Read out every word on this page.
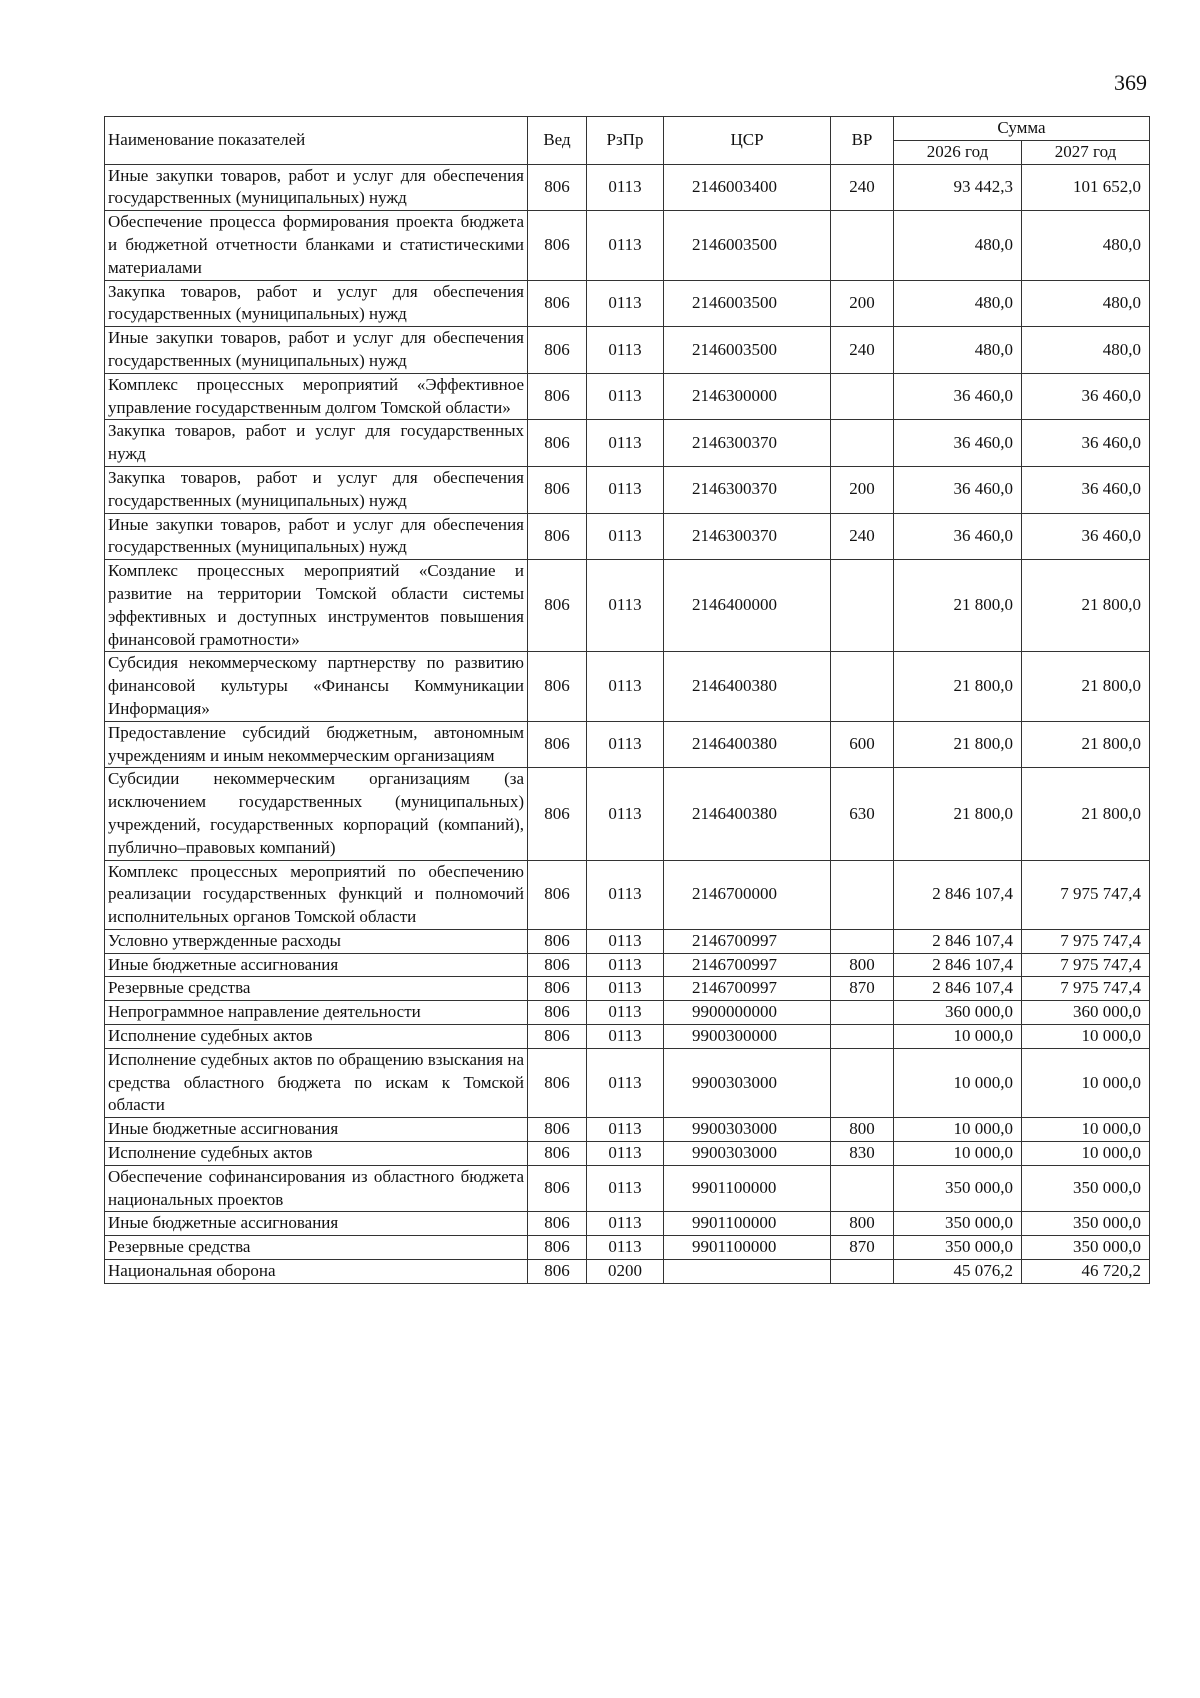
369
Наименование показателей	Вед	РзПр	ЦСР	ВР	Сумма	
					2026 год	2027 год
Иные закупки товаров, работ и услуг для обеспечения государственных (муниципальных) нужд	806	0113	2146003400	240	93 442,3	101 652,0
Обеспечение процесса формирования проекта бюджета и бюджетной отчетности бланками и статистическими материалами	806	0113	2146003500		480,0	480,0
Закупка товаров, работ и услуг для обеспечения государственных (муниципальных) нужд	806	0113	2146003500	200	480,0	480,0
Иные закупки товаров, работ и услуг для обеспечения государственных (муниципальных) нужд	806	0113	2146003500	240	480,0	480,0
Комплекс процессных мероприятий «Эффективное управление государственным долгом Томской области»	806	0113	2146300000		36 460,0	36 460,0
Закупка товаров, работ и услуг для государственных нужд	806	0113	2146300370		36 460,0	36 460,0
Закупка товаров, работ и услуг для обеспечения государственных (муниципальных) нужд	806	0113	2146300370	200	36 460,0	36 460,0
Иные закупки товаров, работ и услуг для обеспечения государственных (муниципальных) нужд	806	0113	2146300370	240	36 460,0	36 460,0
Комплекс процессных мероприятий «Создание и развитие на территории Томской области системы эффективных и доступных инструментов повышения финансовой грамотности»	806	0113	2146400000		21 800,0	21 800,0
Субсидия некоммерческому партнерству по развитию финансовой культуры «Финансы Коммуникации Информация»	806	0113	2146400380		21 800,0	21 800,0
Предоставление субсидий бюджетным, автономным учреждениям и иным некоммерческим организациям	806	0113	2146400380	600	21 800,0	21 800,0
Субсидии некоммерческим организациям (за исключением государственных (муниципальных) учреждений, государственных корпораций (компаний), публично–правовых компаний)	806	0113	2146400380	630	21 800,0	21 800,0
Комплекс процессных мероприятий по обеспечению реализации государственных функций и полномочий исполнительных органов Томской области	806	0113	2146700000		2 846 107,4	7 975 747,4
Условно утвержденные расходы	806	0113	2146700997		2 846 107,4	7 975 747,4
Иные бюджетные ассигнования	806	0113	2146700997	800	2 846 107,4	7 975 747,4
Резервные средства	806	0113	2146700997	870	2 846 107,4	7 975 747,4
Непрограммное направление деятельности	806	0113	9900000000		360 000,0	360 000,0
Исполнение судебных актов	806	0113	9900300000		10 000,0	10 000,0
Исполнение судебных актов по обращению взыскания на средства областного бюджета по искам к Томской области	806	0113	9900303000		10 000,0	10 000,0
Иные бюджетные ассигнования	806	0113	9900303000	800	10 000,0	10 000,0
Исполнение судебных актов	806	0113	9900303000	830	10 000,0	10 000,0
Обеспечение софинансирования из областного бюджета национальных проектов	806	0113	9901100000		350 000,0	350 000,0
Иные бюджетные ассигнования	806	0113	9901100000	800	350 000,0	350 000,0
Резервные средства	806	0113	9901100000	870	350 000,0	350 000,0
Национальная оборона	806	0200			45 076,2	46 720,2
